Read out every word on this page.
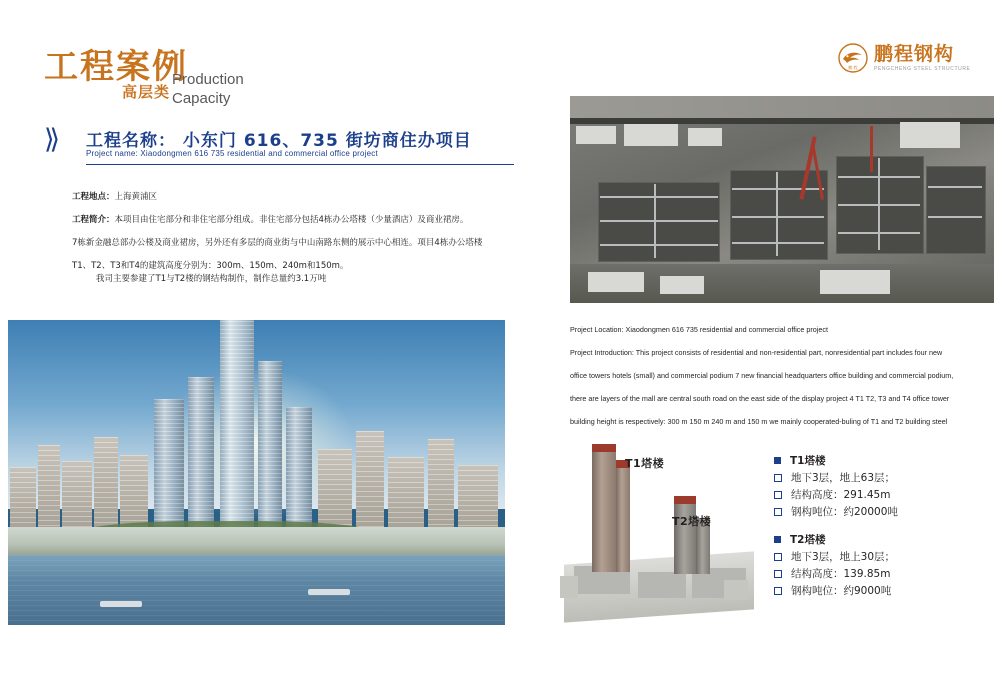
鹏 程
鹏程钢构
PENGCHENG STEEL STRUCTURE
工程案例
高层类
Production
Capacity
⟩⟩ 工程名称： 小东门 616、735 街坊商住办项目
Project name: Xiaodongmen 616 735 residential and commercial office project
工程地点：上海黄浦区
工程简介：本项目由住宅部分和非住宅部分组成。非住宅部分包括4栋办公塔楼（少量酒店）及商业裙房。
7栋新金融总部办公楼及商业裙房，另外还有多层的商业街与中山南路东侧的展示中心相连。项目4栋办公塔楼
T1、T2、T3和T4的建筑高度分别为：300m、150m、240m和150m。
我司主要参建了T1与T2楼的钢结构制作，制作总量约3.1万吨

Project Location: Xiaodongmen 616 735 residential and commercial office project

Project Introduction: This project consists of residential and non-residential part, nonresidential part includes four new

office towers hotels (small) and commercial podium 7 new financial headquarters office building and commercial podium,

there are layers of the mall are central south road on the east side of the display project 4 T1 T2, T3 and T4 office tower

building height is respectively: 300 m 150 m 240 m and 150 m we mainly cooperated-buling of T1 and T2 building steel

T1塔楼
T2塔楼
T1塔楼
地下3层，地上63层；
结构高度：291.45m
钢构吨位：约20000吨
T2塔楼
地下3层，地上30层；
结构高度：139.85m
钢构吨位：约9000吨
